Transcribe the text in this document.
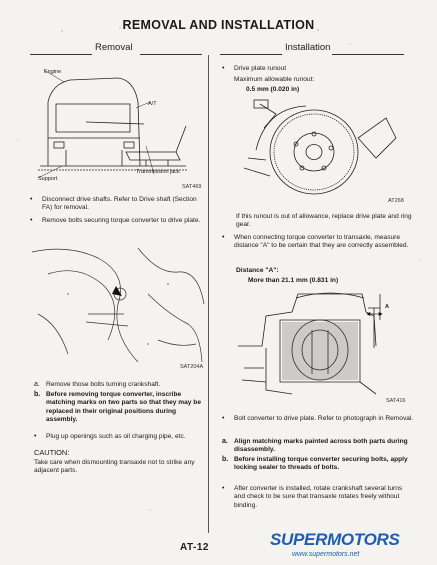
REMOVAL AND INSTALLATION
Removal	Installation
Engine
A/T
Transmission jack
Support
SAT469
• Disconnect drive shafts. Refer to Drive shaft (Section FA) for removal.
• Remove bolts securing torque converter to drive plate.
SAT204A
a. Remove those bolts turning crankshaft.
b. Before removing torque converter, inscribe matching marks on two parts so that they may be replaced in their original positions during assembly.
• Plug up openings such as oil charging pipe, etc.
CAUTION:
Take care when dismounting transaxle not to strike any adjacent parts.
• Drive plate runout
Maximum allowable runout:
0.5 mm (0.020 in)
AT268
If this runout is out of allowance, replace drive plate and ring gear.
• When connecting torque converter to transaxle, measure distance "A" to be certain that they are correctly assembled.
Distance "A":
More than 21.1 mm (0.831 in)
A
SAT416
• Bolt converter to drive plate. Refer to photograph in Removal.
a. Align matching marks painted across both parts during disassembly.
b. Before installing torque converter securing bolts, apply locking sealer to threads of bolts.
• After converter is installed, rotate crankshaft several turns and check to be sure that transaxle rotates freely without binding.
AT-12	SUPERMOTORS
www.supermotors.net
